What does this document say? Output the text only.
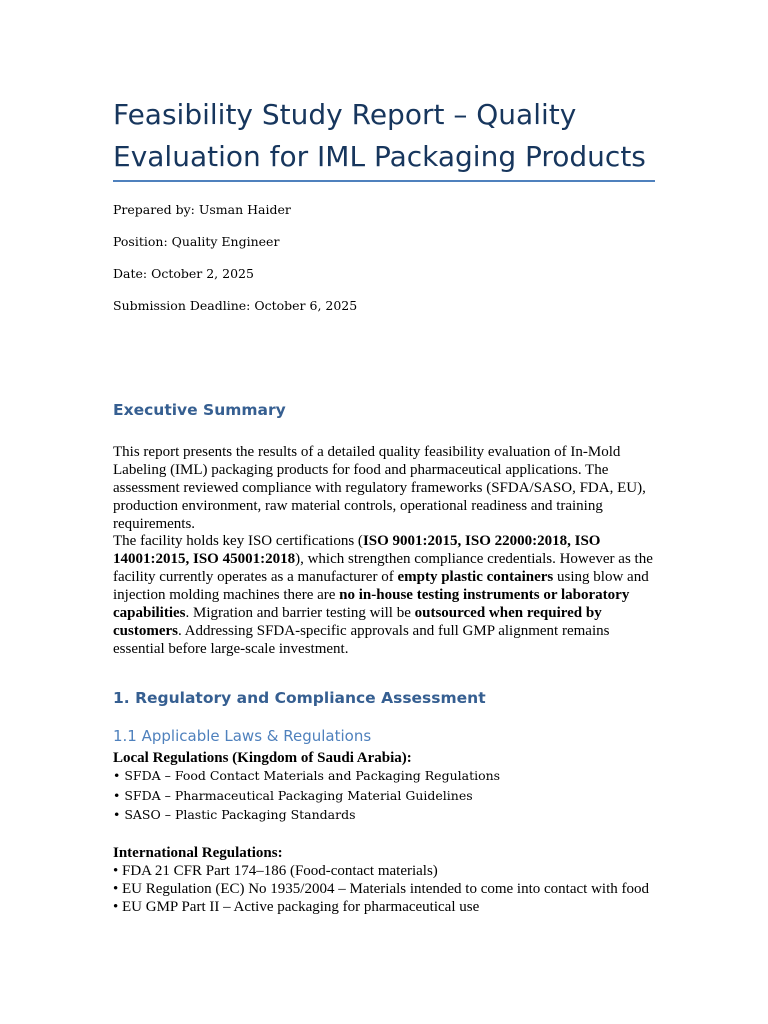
Feasibility Study Report – Quality Evaluation for IML Packaging Products
Prepared by: Usman Haider
Position: Quality Engineer
Date: October 2, 2025
Submission Deadline: October 6, 2025
Executive Summary

This report presents the results of a detailed quality feasibility evaluation of In-Mold Labeling (IML) packaging products for food and pharmaceutical applications. The assessment reviewed compliance with regulatory frameworks (SFDA/SASO, FDA, EU), production environment, raw material controls, operational readiness and training requirements.

The facility holds key ISO certifications (ISO 9001:2015, ISO 22000:2018, ISO 14001:2015, ISO 45001:2018), which strengthen compliance credentials. However as the facility currently operates as a manufacturer of empty plastic containers using blow and injection molding machines there are no in-house testing instruments or laboratory capabilities. Migration and barrier testing will be outsourced when required by customers. Addressing SFDA-specific approvals and full GMP alignment remains essential before large-scale investment.

1. Regulatory and Compliance Assessment
1.1 Applicable Laws & Regulations
Local Regulations (Kingdom of Saudi Arabia):
• SFDA – Food Contact Materials and Packaging Regulations
• SFDA – Pharmaceutical Packaging Material Guidelines
• SASO – Plastic Packaging Standards
International Regulations:
• FDA 21 CFR Part 174–186 (Food-contact materials)
• EU Regulation (EC) No 1935/2004 – Materials intended to come into contact with food
• EU GMP Part II – Active packaging for pharmaceutical use
